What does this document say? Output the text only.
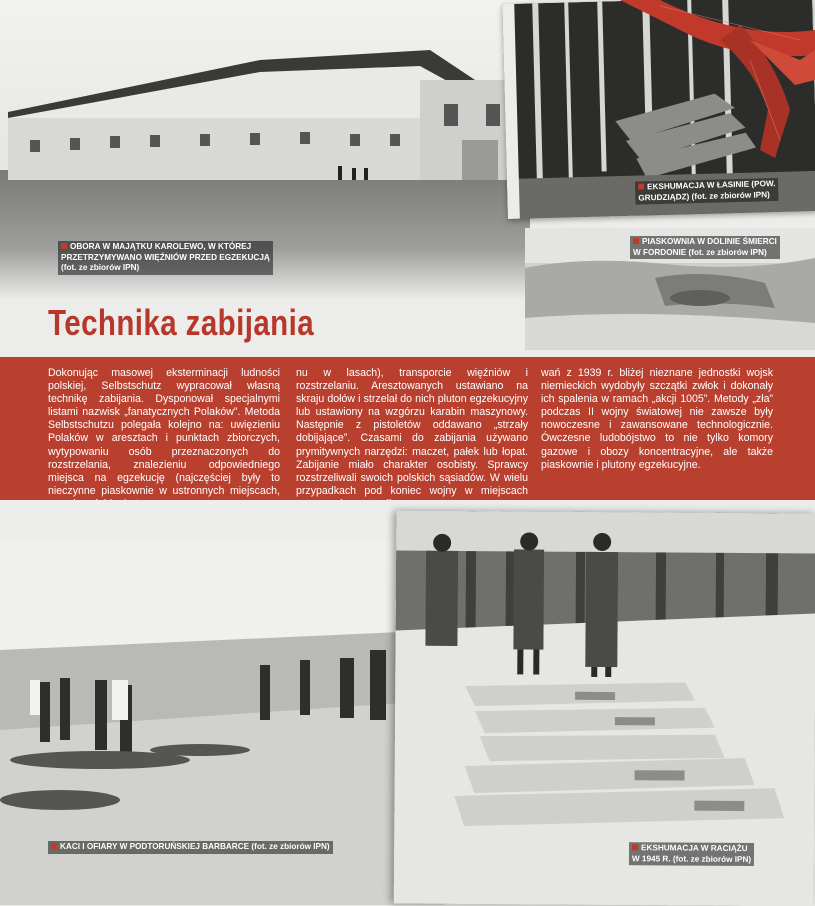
OBORA W MAJĄTKU KAROLEWO, W KTÓREJ
PRZETRZYMYWANO WIĘŹNIÓW PRZED EGZEKUCJĄ
(fot. ze zbiorów IPN)
PIASKOWNIA W DOLINIE ŚMIERCI
W FORDONIE (fot. ze zbiorów IPN)
EKSHUMACJA W ŁASINIE (POW.
GRUDZIĄDZ) (fot. ze zbiorów IPN)
Technika zabijania
Dokonując masowej eksterminacji ludności polskiej, Selbstschutz wypracował własną technikę zabijania. Dysponował specjalnymi listami nazwisk „fanatycznych Polaków”. Metoda Selbstschutzu polegała kolejno na: uwięzieniu Polaków w aresztach i punktach zbiorczych, wytypowaniu osób przeznaczonych do rozstrzelania, znalezieniu odpowiedniego miejsca na egzekucję (najczęściej były to nieczynne piaskownie w ustronnych miejscach,
nu w lasach), transporcie więźniów i rozstrzelaniu. Aresztowanych ustawiano na skraju dołów i strzelał do nich pluton egzekucyjny lub ustawiony na wzgórzu karabin maszynowy. Następnie z pistoletów oddawano „strzały dobijające”. Czasami do zabijania używano prymitywnych narzędzi: maczet, pałek lub łopat. Zabijanie miało charakter osobisty. Sprawcy rozstrzeliwali swoich polskich sąsiadów. W wielu przypadkach pod koniec wojny w miejscach
wań z 1939 r. bliżej nieznane jednostki wojsk niemieckich wydobyły szczątki zwłok i dokonały ich spalenia w ramach „akcji 1005”. Metody „zła” podczas II wojny światowej nie zawsze były nowoczesne i zawansowane technologicznie. Ówczesne ludobójstwo to nie tylko komory gazowe i obozy koncentracyjne, ale także piaskownie i plutony egzekucyjne.
KACI I OFIARY W PODTORUŃSKIEJ BARBARCE (fot. ze zbiorów IPN)	EKSHUMACJA W RACIĄŻU
W 1945 R. (fot. ze zbiorów IPN)
